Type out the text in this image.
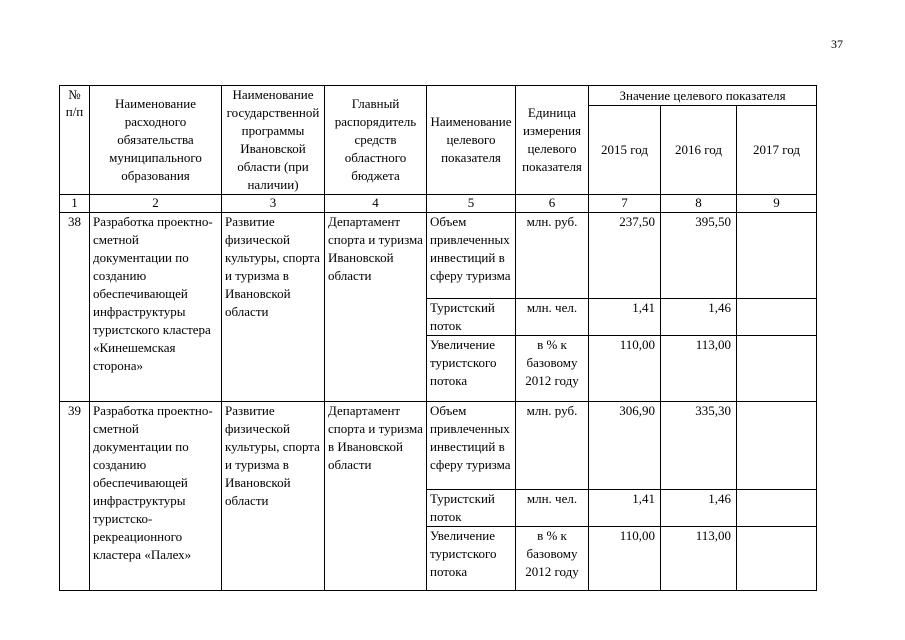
37
№ п/п	Наименование расходного обязательства муниципального образования	Наименование государственной программы Ивановской области (при наличии)	Главный распорядитель средств областного бюджета	Наименование целевого показателя	Единица измерения целевого показателя	Значение целевого показателя		
						2015 год	2016 год	2017 год
1	2	3	4	5	6	7	8	9
38	Разработка проектно-сметной документации по созданию обеспечивающей инфраструктуры туристского кластера «Кинешемская сторона»	Развитие физической культуры, спорта и туризма в Ивановской области	Департамент спорта и туризма Ивановской области	Объем привлеченных инвестиций в сферу туризма	млн. руб.	237,50	395,50	
				Туристский поток	млн. чел.	1,41	1,46	
				Увеличение туристского потока	в % к базовому 2012 году	110,00	113,00	
39	Разработка проектно-сметной документации по созданию обеспечивающей инфраструктуры туристско-рекреационного кластера «Палех»	Развитие физической культуры, спорта и туризма в Ивановской области	Департамент спорта и туризма в Ивановской области	Объем привлеченных инвестиций в сферу туризма	млн. руб.	306,90	335,30	
				Туристский поток	млн. чел.	1,41	1,46	
				Увеличение туристского потока	в % к базовому 2012 году	110,00	113,00	
